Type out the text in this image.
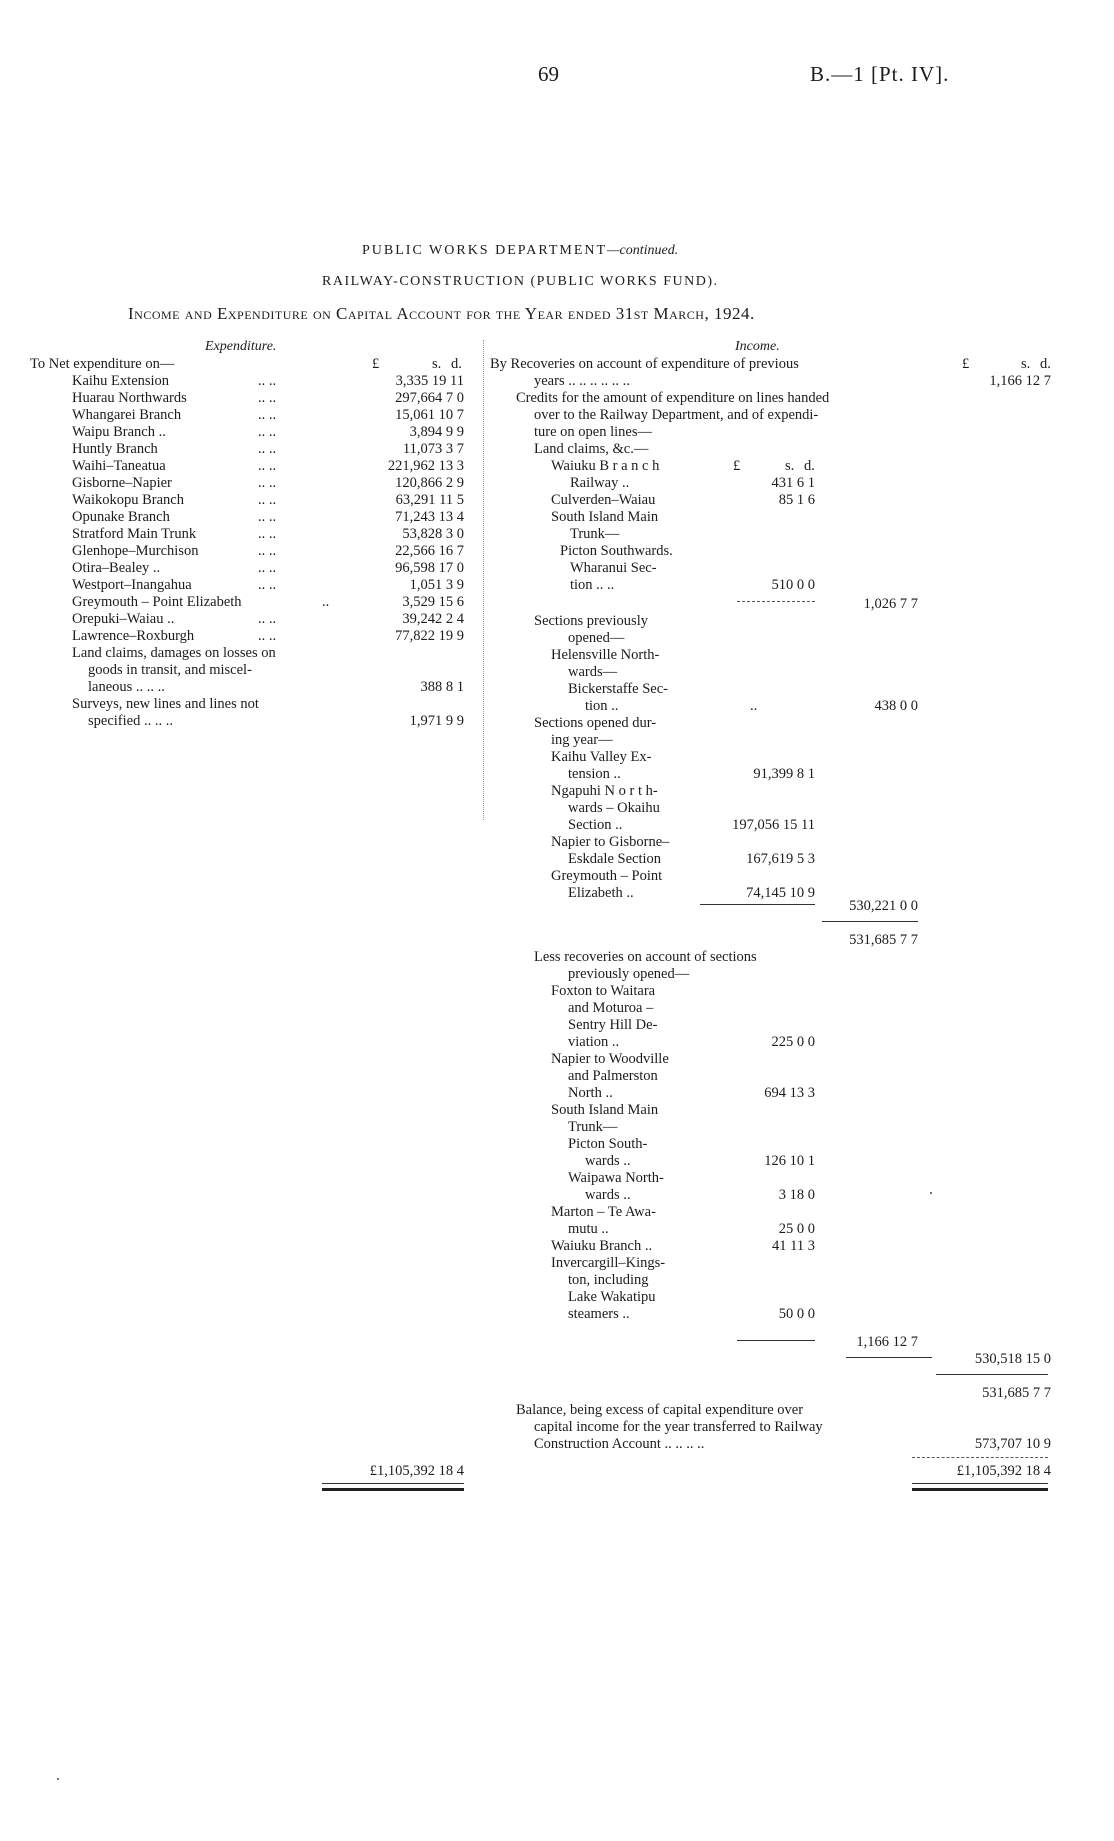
69	B.—1 [Pt. IV].
PUBLIC WORKS DEPARTMENT—continued.
RAILWAY-CONSTRUCTION (PUBLIC WORKS FUND).
Income and Expenditure on Capital Account for the Year ended 31st March, 1924.
Expenditure.
£	s. d.
To Net expenditure on—
Kaihu Extension	.. ..	3,335 19 11
Huarau Northwards	.. ..	297,664 7 0
Whangarei Branch	.. ..	15,061 10 7
Waipu Branch ..	.. ..	3,894 9 9
Huntly Branch	.. ..	11,073 3 7
Waihi–Taneatua	.. ..	221,962 13 3
Gisborne–Napier	.. ..	120,866 2 9
Waikokopu Branch	.. ..	63,291 11 5
Opunake Branch	.. ..	71,243 13 4
Stratford Main Trunk	.. ..	53,828 3 0
Glenhope–Murchison	.. ..	22,566 16 7
Otira–Bealey ..	.. ..	96,598 17 0
Westport–Inangahua	.. ..	1,051 3 9
Greymouth – Point Elizabeth	..	3,529 15 6
Orepuki–Waiau ..	.. ..	39,242 2 4
Lawrence–Roxburgh	.. ..	77,822 19 9
Land claims, damages on losses on
goods in transit, and miscel-
laneous .. .. ..	388 8 1
Surveys, new lines and lines not
specified .. .. ..	1,971 9 9
£1,105,392 18 4
Income.
£	s. d.
By Recoveries on account of expenditure of previous
years .. .. .. .. .. ..	1,166 12 7
Credits for the amount of expenditure on lines handed
over to the Railway Department, and of expendi-
ture on open lines—
Land claims, &c.—
£	s. d.
Waiuku B r a n c h
Railway ..	431 6 1
Culverden–Waiau	85 1 6
South Island Main
Trunk—
Picton Southwards.
Wharanui Sec-
tion .. ..	510 0 0
1,026 7 7
Sections previously
opened—
Helensville North-
wards—
Bickerstaffe Sec-
tion ..	..	438 0 0
Sections opened dur-
ing year—
Kaihu Valley Ex-
tension ..	91,399 8 1
Ngapuhi N o r t h-
wards – Okaihu
Section ..	197,056 15 11
Napier to Gisborne–
Eskdale Section	167,619 5 3
Greymouth – Point
Elizabeth ..	74,145 10 9
530,221 0 0
531,685 7 7
Less recoveries on account of sections
previously opened—
Foxton to Waitara
and Moturoa –
Sentry Hill De-
viation ..	225 0 0
Napier to Woodville
and Palmerston
North ..	694 13 3
South Island Main
Trunk—
Picton South-
wards ..	126 10 1
Waipawa North-
wards ..	3 18 0
Marton – Te Awa-
mutu ..	25 0 0
Waiuku Branch ..	41 11 3
Invercargill–Kings-
ton, including
Lake Wakatipu
steamers ..	50 0 0
1,166 12 7
530,518 15 0
531,685 7 7
Balance, being excess of capital expenditure over
capital income for the year transferred to Railway
Construction Account .. .. .. ..	573,707 10 9
£1,105,392 18 4
